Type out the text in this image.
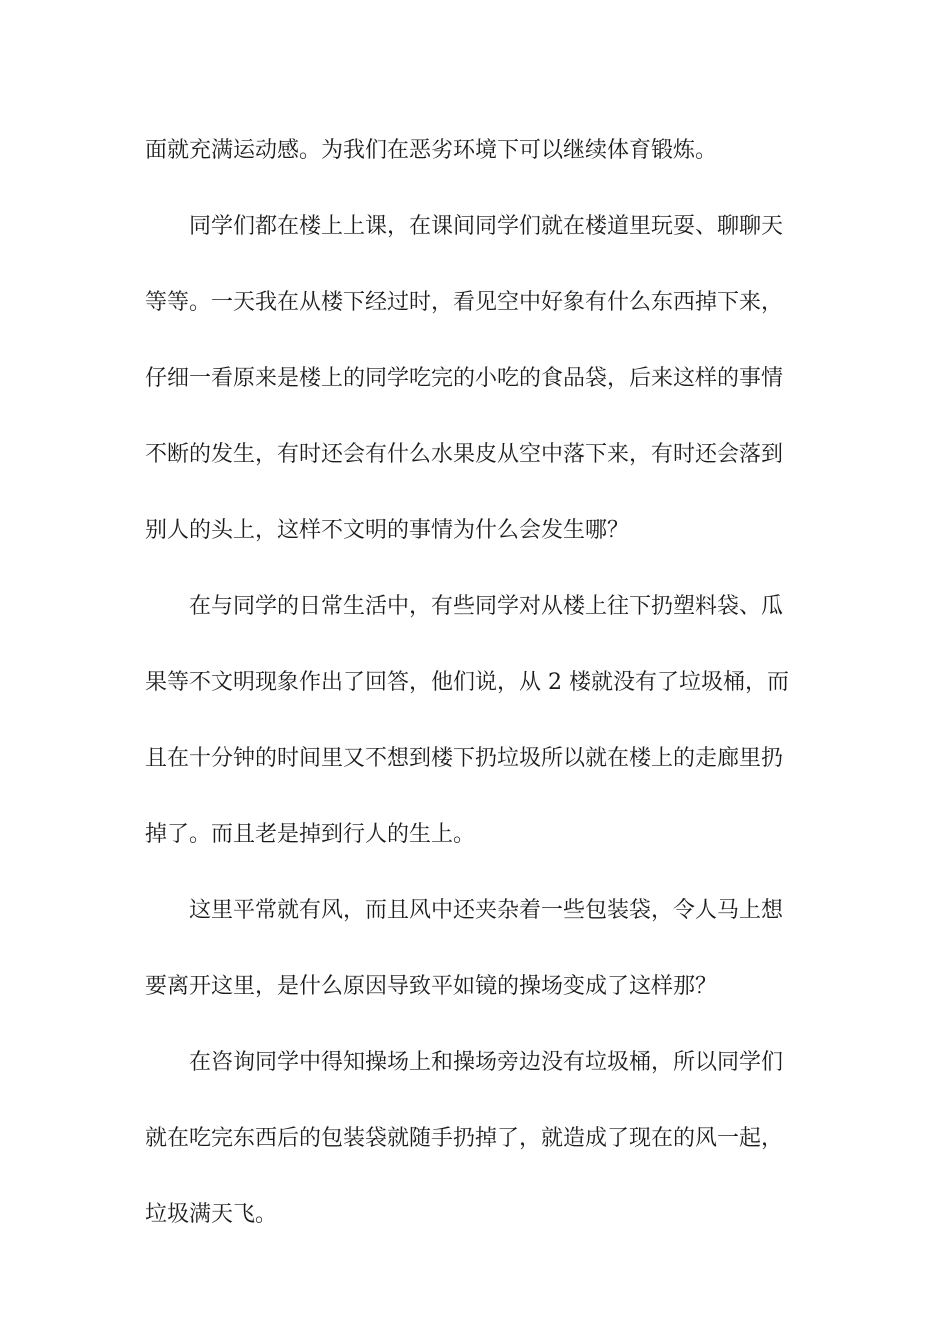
面就充满运动感。为我们在恶劣环境下可以继续体育锻炼。
同学们都在楼上上课，在课间同学们就在楼道里玩耍、聊聊天
等等。一天我在从楼下经过时，看见空中好象有什么东西掉下来，
仔细一看原来是楼上的同学吃完的小吃的食品袋，后来这样的事情
不断的发生，有时还会有什么水果皮从空中落下来，有时还会落到
别人的头上，这样不文明的事情为什么会发生哪？
在与同学的日常生活中，有些同学对从楼上往下扔塑料袋、瓜
果等不文明现象作出了回答，他们说，从 2 楼就没有了垃圾桶，而
且在十分钟的时间里又不想到楼下扔垃圾所以就在楼上的走廊里扔
掉了。而且老是掉到行人的生上。
这里平常就有风，而且风中还夹杂着一些包装袋，令人马上想
要离开这里，是什么原因导致平如镜的操场变成了这样那？
在咨询同学中得知操场上和操场旁边没有垃圾桶，所以同学们
就在吃完东西后的包装袋就随手扔掉了，就造成了现在的风一起，
垃圾满天飞。
